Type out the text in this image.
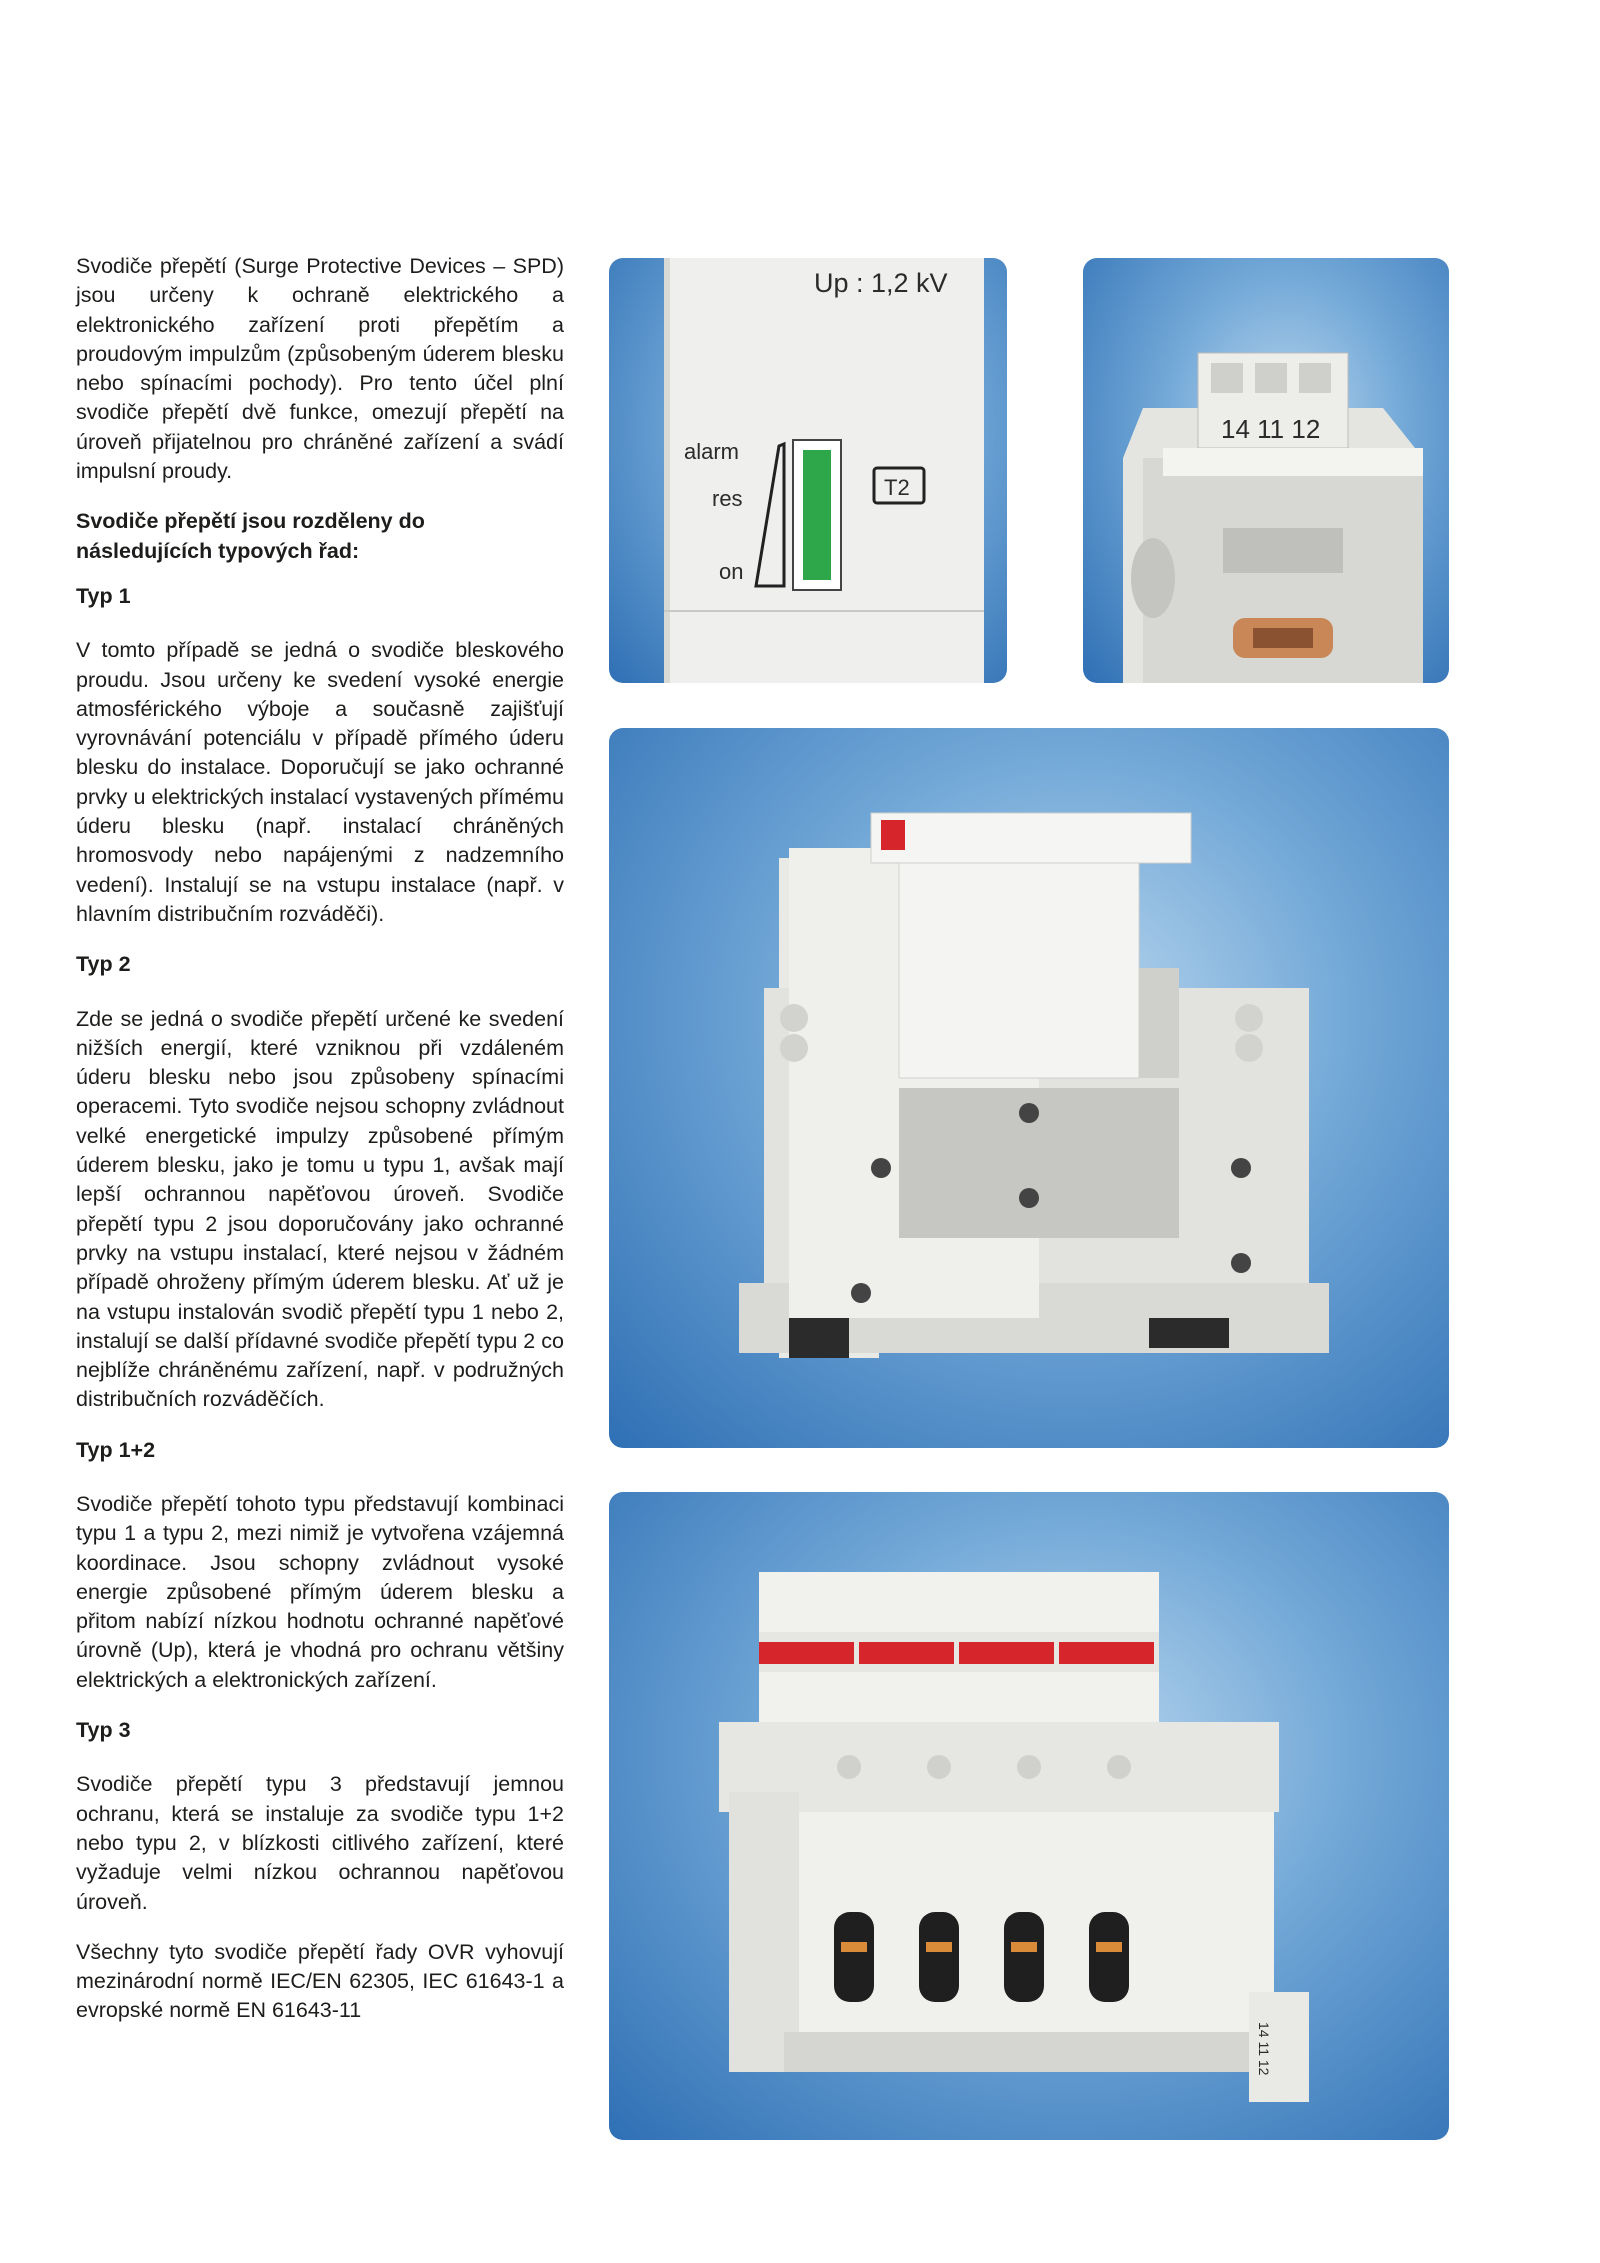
Svodiče přepětí (Surge Protective Devices – SPD) jsou určeny k ochraně elektrického a elektronického zařízení proti přepětím a proudovým impulzům (způsobeným úderem blesku nebo spínacími pochody). Pro tento účel plní svodiče přepětí dvě funkce, omezují přepětí na úroveň přijatelnou pro chráněné zařízení a svádí impulsní proudy.

Svodiče přepětí jsou rozděleny do následujících typových řad:
Typ 1

V tomto případě se jedná o svodiče bleskového proudu. Jsou určeny ke svedení vysoké energie atmosférického výboje a současně zajišťují vyrovnávání potenciálu v případě přímého úderu blesku do instalace. Doporučují se jako ochranné prvky u elektrických instalací vystavených přímému úderu blesku (např. instalací chráněných hromosvody nebo napájenými z nadzemního vedení). Instalují se na vstupu instalace (např. v hlavním distribučním rozváděči).

Typ 2

Zde se jedná o svodiče přepětí určené ke svedení nižších energií, které vzniknou při vzdáleném úderu blesku nebo jsou způsobeny spínacími operacemi. Tyto svodiče nejsou schopny zvládnout velké energetické impulzy způsobené přímým úderem blesku, jako je tomu u typu 1, avšak mají lepší ochrannou napěťovou úroveň. Svodiče přepětí typu 2 jsou doporučovány jako ochranné prvky na vstupu instalací, které nejsou v žádném případě ohroženy přímým úderem blesku. Ať už je na vstupu instalován svodič přepětí typu 1 nebo 2, instalují se další přídavné svodiče přepětí typu 2 co nejblíže chráněnému zařízení, např. v podružných distribučních rozváděčích.

Typ 1+2

Svodiče přepětí tohoto typu představují kombinaci typu 1 a typu 2, mezi nimiž je vytvořena vzájemná koordinace. Jsou schopny zvládnout vysoké energie způsobené přímým úderem blesku a přitom nabízí nízkou hodnotu ochranné napěťové úrovně (Up), která je vhodná pro ochranu většiny elektrických a elektronických zařízení.

Typ 3

Svodiče přepětí typu 3 představují jemnou ochranu, která se instaluje za svodiče typu 1+2 nebo typu 2, v blízkosti citlivého zařízení, které vyžaduje velmi nízkou ochrannou napěťovou úroveň.

Všechny tyto svodiče přepětí řady OVR vyhovují mezinárodní normě IEC/EN 62305, IEC 61643-1 a evropské normě EN 61643-11

Up : 1,2 kV
alarm
res
on
T2
14 11 12
14 11 12
